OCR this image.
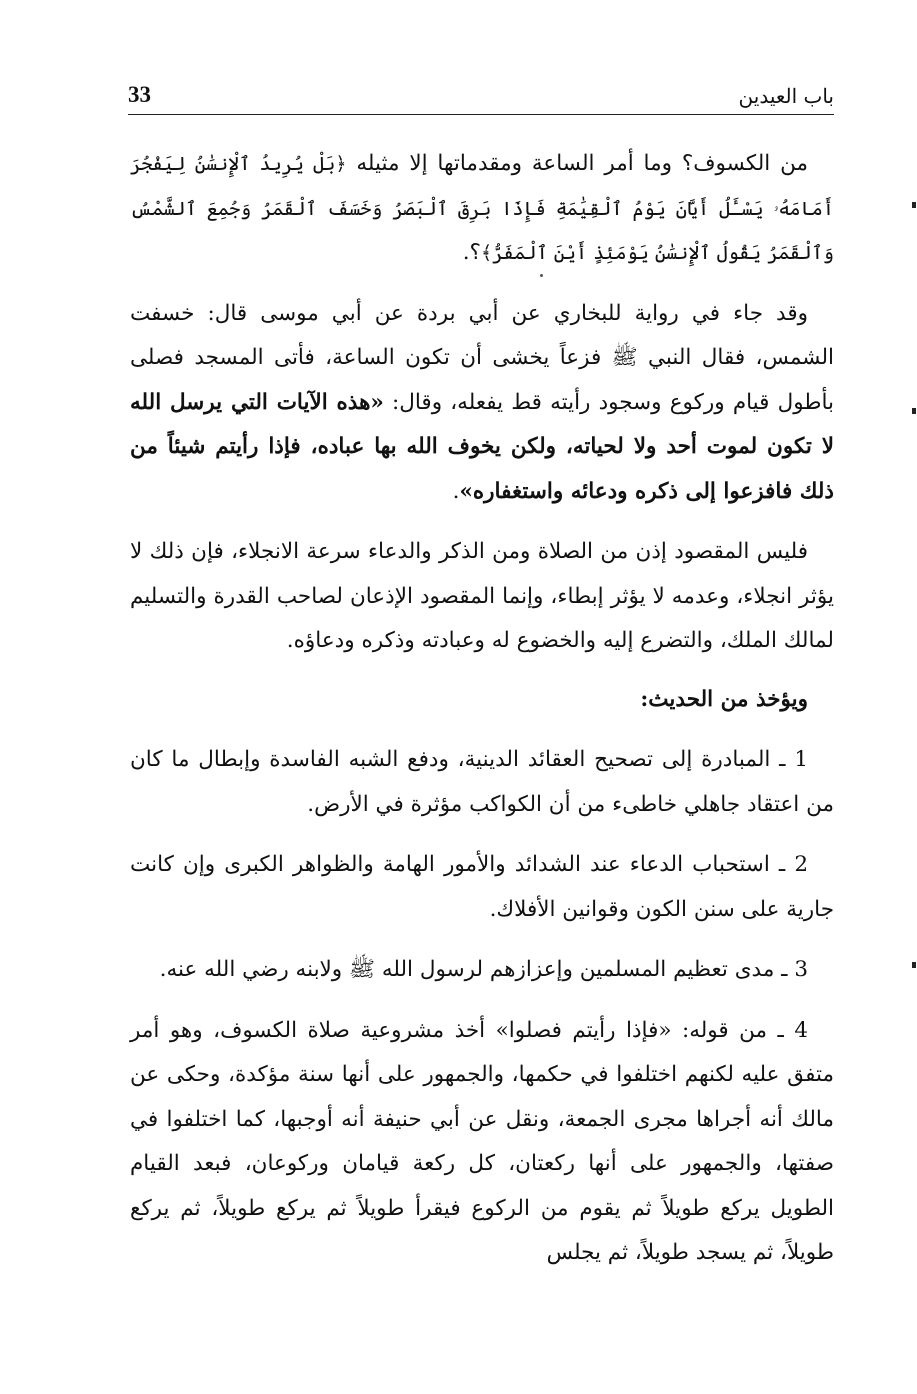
33	باب العيدين

من الكسوف؟ وما أمر الساعة ومقدماتها إلا مثيله ﴿بَلْ يُرِيدُ ٱلْإِنسَٰنُ لِيَفْجُرَ أَمَامَهُۥ يَسْـَٔلُ أَيَّانَ يَوْمُ ٱلْقِيَٰمَةِ فَإِذَا بَرِقَ ٱلْبَصَرُ وَخَسَفَ ٱلْقَمَرُ وَجُمِعَ ٱلشَّمْسُ وَٱلْقَمَرُ يَقُولُ ٱلْإِنسَٰنُ يَوْمَئِذٍ أَيْنَ ٱلْمَفَرُّ﴾؟.

وقد جاء في رواية للبخاري عن أبي بردة عن أبي موسى قال: خسفت الشمس، فقال النبي ﷺ فزعاً يخشى أن تكون الساعة، فأتى المسجد فصلى بأطول قيام وركوع وسجود رأيته قط يفعله، وقال: «هذه الآيات التي يرسل الله لا تكون لموت أحد ولا لحياته، ولكن يخوف الله بها عباده، فإذا رأيتم شيئاً من ذلك فافزعوا إلى ذكره ودعائه واستغفاره».

فليس المقصود إذن من الصلاة ومن الذكر والدعاء سرعة الانجلاء، فإن ذلك لا يؤثر انجلاء، وعدمه لا يؤثر إبطاء، وإنما المقصود الإذعان لصاحب القدرة والتسليم لمالك الملك، والتضرع إليه والخضوع له وعبادته وذكره ودعاؤه.

ويؤخذ من الحديث:

1 ـ المبادرة إلى تصحيح العقائد الدينية، ودفع الشبه الفاسدة وإبطال ما كان من اعتقاد جاهلي خاطىء من أن الكواكب مؤثرة في الأرض.

2 ـ استحباب الدعاء عند الشدائد والأمور الهامة والظواهر الكبرى وإن كانت جارية على سنن الكون وقوانين الأفلاك.

3 ـ مدى تعظيم المسلمين وإعزازهم لرسول الله ﷺ ولابنه رضي الله عنه.

4 ـ من قوله: «فإذا رأيتم فصلوا» أخذ مشروعية صلاة الكسوف، وهو أمر متفق عليه لكنهم اختلفوا في حكمها، والجمهور على أنها سنة مؤكدة، وحكى عن مالك أنه أجراها مجرى الجمعة، ونقل عن أبي حنيفة أنه أوجبها، كما اختلفوا في صفتها، والجمهور على أنها ركعتان، كل ركعة قيامان وركوعان، فبعد القيام الطويل يركع طويلاً ثم يقوم من الركوع فيقرأ طويلاً ثم يركع طويلاً، ثم يركع طويلاً، ثم يسجد طويلاً، ثم يجلس
